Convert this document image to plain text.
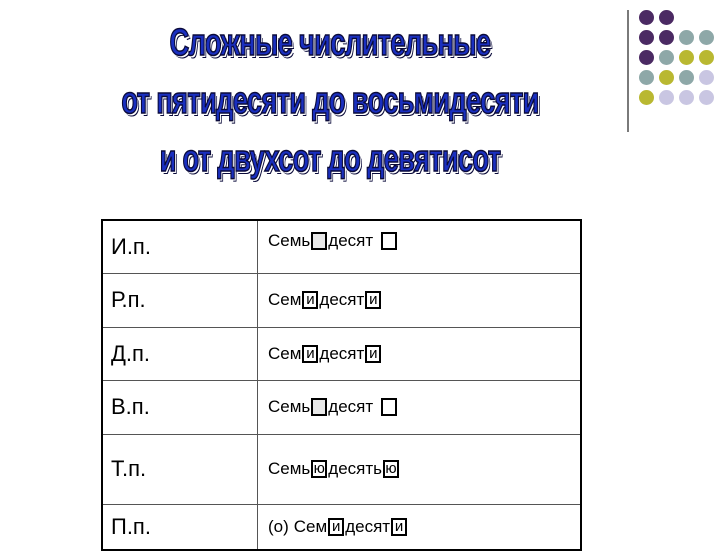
Сложные числительные
от пятидесяти до восьмидесяти
и от двухсот до девятисот
И.п.	Семь десят

Р.п.	Сем и десят и

Д.п.	Сем и десят и

В.п.	Семь десят

Т.п.	Семь ю десять ю

П.п.	(о) Сем и десят и
